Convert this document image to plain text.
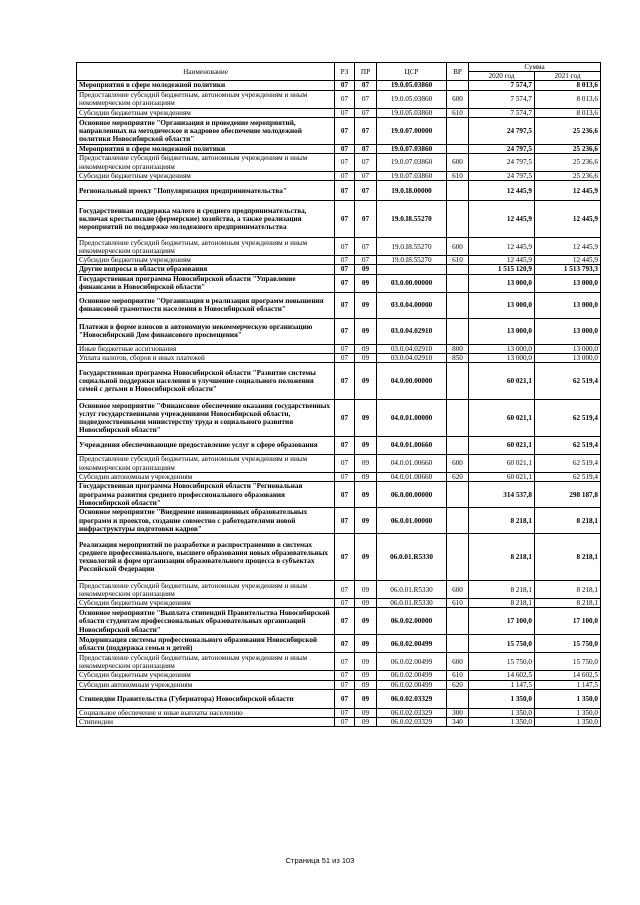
Наименование	РЗ	ПР	ЦСР	ВР	Сумма	
					2020 год	2021 год
Мероприятия в сфере молодежной политики	07	07	19.0.05.03860		7 574,7	8 013,6
Предоставление субсидий бюджетным, автономным учреждениям и иным некоммерческим организациям	07	07	19.0.05.03860	600	7 574,7	8 013,6
Субсидии бюджетным учреждениям	07	07	19.0.05.03860	610	7 574,7	8 013,6
Основное мероприятие "Организация и проведение мероприятий, направленных на методическое и кадровое обеспечение молодежной политики Новосибирской области"	07	07	19.0.07.00000		24 797,5	25 236,6
Мероприятия в сфере молодежной политики	07	07	19.0.07.03860		24 797,5	25 236,6
Предоставление субсидий бюджетным, автономным учреждениям и иным некоммерческим организациям	07	07	19.0.07.03860	600	24 797,5	25 236,6
Субсидии бюджетным учреждениям	07	07	19.0.07.03860	610	24 797,5	25 236,6
Региональный проект "Популяризация предпринимательства"	07	07	19.0.I8.00000		12 445,9	12 445,9
Государственная поддержка малого и среднего предпринимательства, включая крестьянские (фермерские) хозяйства, а также реализация мероприятий по поддержке молодежного предпринимательства	07	07	19.0.I8.55270		12 445,9	12 445,9
Предоставление субсидий бюджетным, автономным учреждениям и иным некоммерческим организациям	07	07	19.0.I8.55270	600	12 445,9	12 445,9
Субсидии бюджетным учреждениям	07	07	19.0.I8.55270	610	12 445,9	12 445,9
Другие вопросы в области образования	07	09			1 515 120,9	1 513 793,3
Государственная программа Новосибирской области "Управление финансами в Новосибирской области"	07	09	03.0.00.00000		13 000,0	13 000,0
Основное мероприятие "Организация и реализация программ повышения финансовой грамотности населения в Новосибирской области"	07	09	03.0.04.00000		13 000,0	13 000,0
Платежи в форме взносов в автономную некоммерческую организацию "Новосибирский Дом финансового просвещения"	07	09	03.0.04.02910		13 000,0	13 000,0
Иные бюджетные ассигнования	07	09	03.0.04.02910	800	13 000,0	13 000,0
Уплата налогов, сборов и иных платежей	07	09	03.0.04.02910	850	13 000,0	13 000,0
Государственная программа Новосибирской области "Развитие системы социальной поддержки населения и улучшение социального положения семей с детьми в Новосибирской области"	07	09	04.0.00.00000		60 021,1	62 519,4
Основное мероприятие "Финансовое обеспечение оказания государственных услуг государственными учреждениями Новосибирской области, подведомственными министерству труда и социального развития Новосибирской области"	07	09	04.0.01.00000		60 021,1	62 519,4
Учреждения обеспечивающие предоставление услуг в сфере образования	07	09	04.0.01.00660		60 021,1	62 519,4
Предоставление субсидий бюджетным, автономным учреждениям и иным некоммерческим организациям	07	09	04.0.01.00660	600	60 021,1	62 519,4
Субсидии автономным учреждениям	07	09	04.0.01.00660	620	60 021,1	62 519,4
Государственная программа Новосибирской области "Региональная программа развития среднего профессионального образования Новосибирской области"	07	09	06.0.00.00000		314 537,8	298 187,8
Основное мероприятие "Внедрение инновационных образовательных программ и проектов, создание совместно с работодателями новой инфраструктуры подготовки кадров"	07	09	06.0.01.00000		8 218,1	8 218,1
Реализация мероприятий по разработке и распространению в системах среднего профессионального, высшего образования новых образовательных технологий и форм организации образовательного процесса в субъектах Российской Федерации	07	09	06.0.01.R5330		8 218,1	8 218,1
Предоставление субсидий бюджетным, автономным учреждениям и иным некоммерческим организациям	07	09	06.0.01.R5330	600	8 218,1	8 218,1
Субсидии бюджетным учреждениям	07	09	06.0.01.R5330	610	8 218,1	8 218,1
Основное мероприятие "Выплата стипендий Правительства Новосибирской области студентам профессиональных образовательных организаций Новосибирской области"	07	09	06.0.02.00000		17 100,0	17 100,0
Модернизация системы профессионального образования Новосибирской области (поддержка семьи и детей)	07	09	06.0.02.00499		15 750,0	15 750,0
Предоставление субсидий бюджетным, автономным учреждениям и иным некоммерческим организациям	07	09	06.0.02.00499	600	15 750,0	15 750,0
Субсидии бюджетным учреждениям	07	09	06.0.02.00499	610	14 602,5	14 602,5
Субсидии автономным учреждениям	07	09	06.0.02.00499	620	1 147,5	1 147,5
Стипендии Правительства (Губернатора) Новосибирской области	07	09	06.0.02.03329		1 350,0	1 350,0
Социальное обеспечение и иные выплаты населению	07	09	06.0.02.03329	300	1 350,0	1 350,0
Стипендии	07	09	06.0.02.03329	340	1 350,0	1 350,0
Страница 51 из 103
